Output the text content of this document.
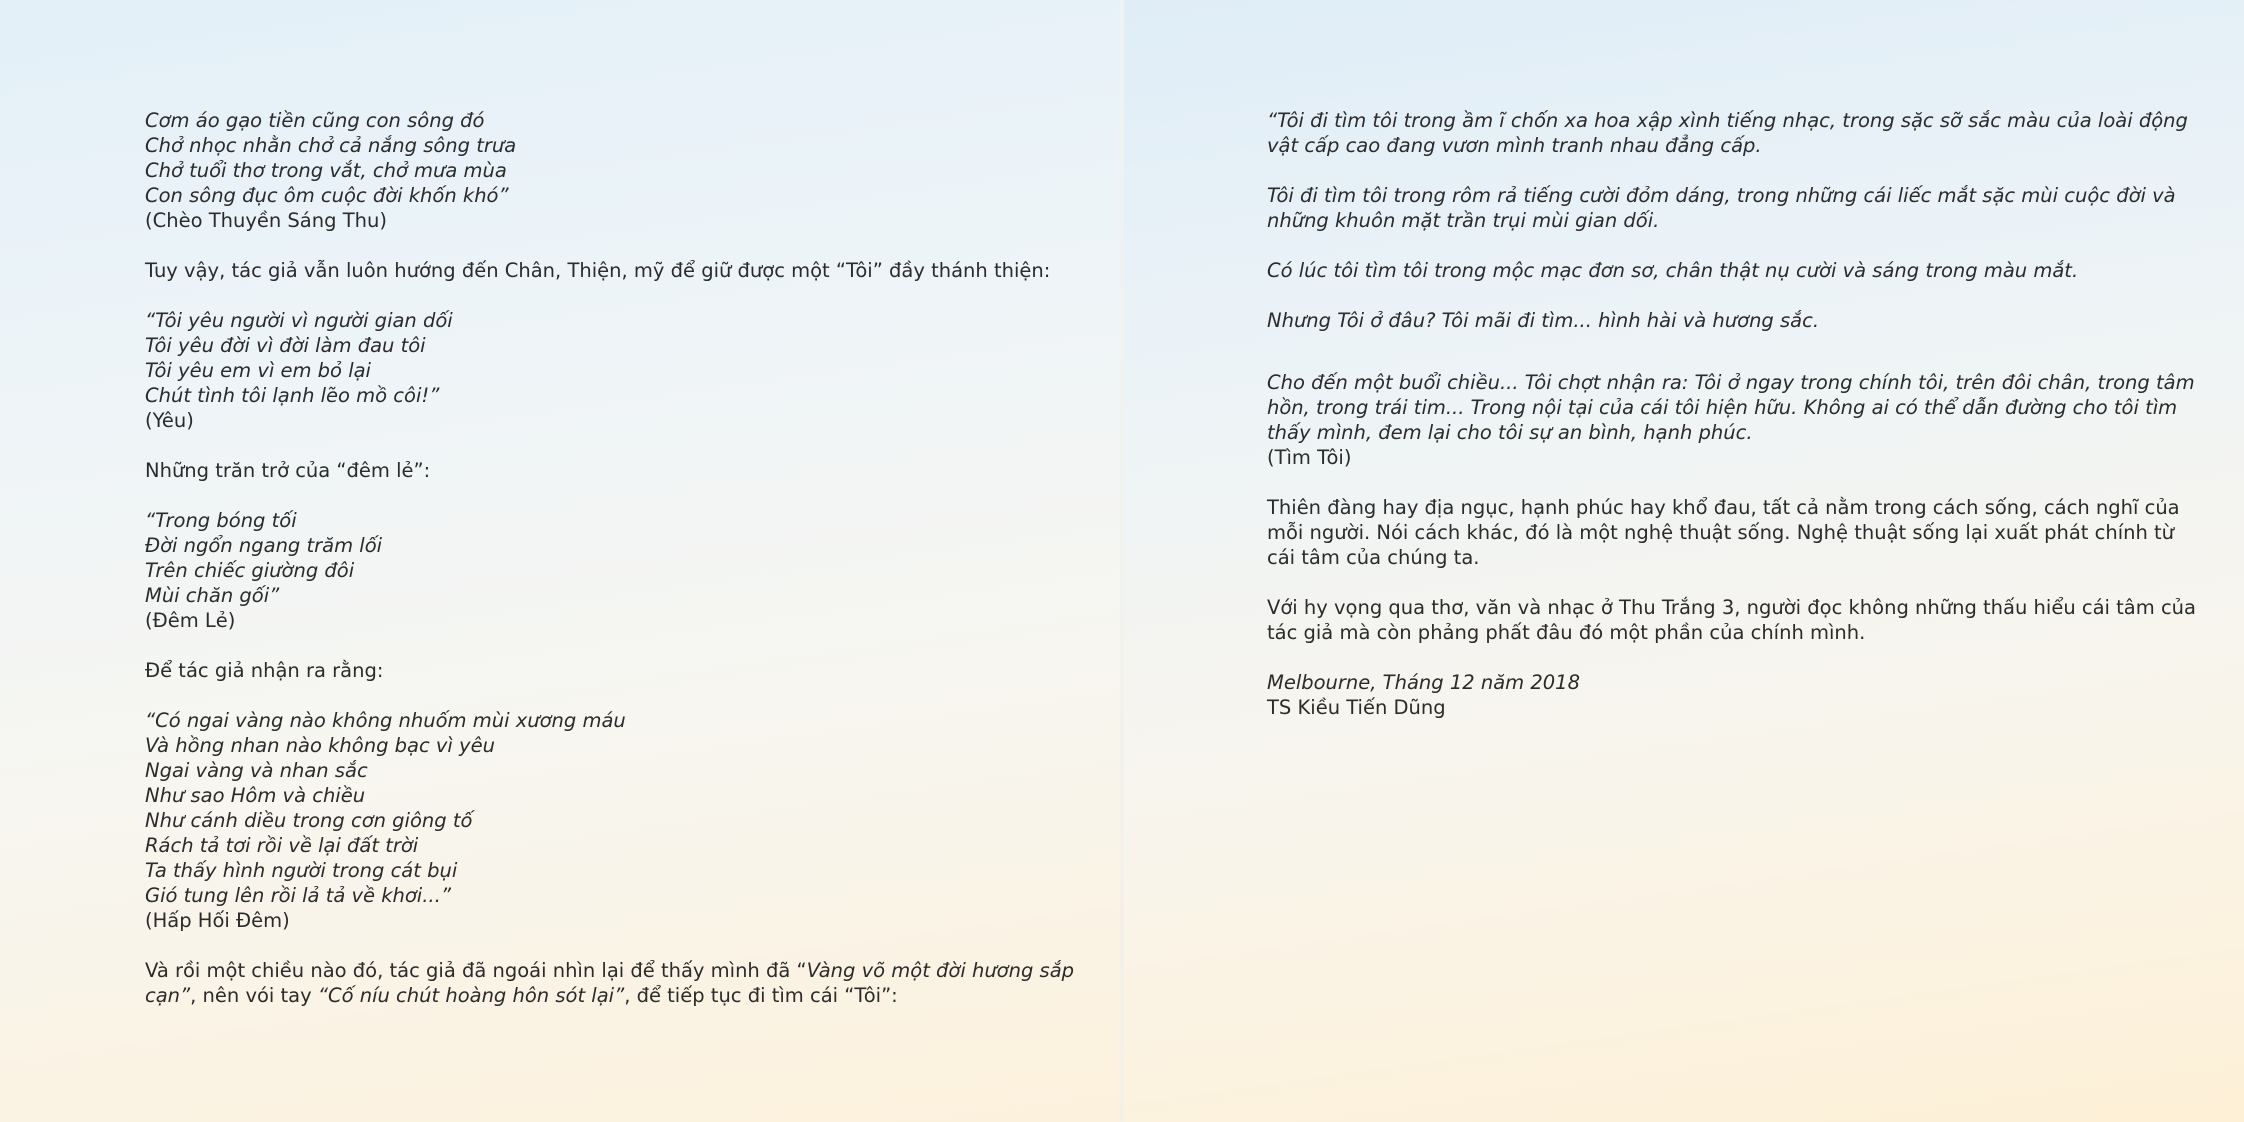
Cơm áo gạo tiền cũng con sông đó
Chở nhọc nhằn chở cả nắng sông trưa
Chở tuổi thơ trong vắt, chở mưa mùa
Con sông đục ôm cuộc đời khốn khó”
(Chèo Thuyền Sáng Thu)
Tuy vậy, tác giả vẫn luôn hướng đến Chân, Thiện, mỹ để giữ được một “Tôi” đầy thánh thiện:
“Tôi yêu người vì người gian dối
Tôi yêu đời vì đời làm đau tôi
Tôi yêu em vì em bỏ lại
Chút tình tôi lạnh lẽo mồ côi!”
(Yêu)
Những trăn trở của “đêm lẻ”:
“Trong bóng tối
Đời ngổn ngang trăm lối
Trên chiếc giường đôi
Mùi chăn gối”
(Đêm Lẻ)
Để tác giả nhận ra rằng:
“Có ngai vàng nào không nhuốm mùi xương máu
Và hồng nhan nào không bạc vì yêu
Ngai vàng và nhan sắc
Như sao Hôm và chiều
Như cánh diều trong cơn giông tố
Rách tả tơi rồi về lại đất trời
Ta thấy hình người trong cát bụi
Gió tung lên rồi lả tả về khơi...”
(Hấp Hối Đêm)
Và rồi một chiều nào đó, tác giả đã ngoái nhìn lại để thấy mình đã “Vàng võ một đời hương sắp
cạn”, nên vói tay “Cố níu chút hoàng hôn sót lại”, để tiếp tục đi tìm cái “Tôi”:
“Tôi đi tìm tôi trong ầm ĩ chốn xa hoa xập xình tiếng nhạc, trong sặc sỡ sắc màu của loài động
vật cấp cao đang vươn mình tranh nhau đẳng cấp.
Tôi đi tìm tôi trong rôm rả tiếng cười đỏm dáng, trong những cái liếc mắt sặc mùi cuộc đời và
những khuôn mặt trần trụi mùi gian dối.
Có lúc tôi tìm tôi trong mộc mạc đơn sơ, chân thật nụ cười và sáng trong màu mắt.
Nhưng Tôi ở đâu? Tôi mãi đi tìm... hình hài và hương sắc.
Cho đến một buổi chiều... Tôi chợt nhận ra: Tôi ở ngay trong chính tôi, trên đôi chân, trong tâm
hồn, trong trái tim... Trong nội tại của cái tôi hiện hữu. Không ai có thể dẫn đường cho tôi tìm
thấy mình, đem lại cho tôi sự an bình, hạnh phúc.
(Tìm Tôi)
Thiên đàng hay địa ngục, hạnh phúc hay khổ đau, tất cả nằm trong cách sống, cách nghĩ của
mỗi người. Nói cách khác, đó là một nghệ thuật sống. Nghệ thuật sống lại xuất phát chính từ
cái tâm của chúng ta.
Với hy vọng qua thơ, văn và nhạc ở Thu Trắng 3, người đọc không những thấu hiểu cái tâm của
tác giả mà còn phảng phất đâu đó một phần của chính mình.
Melbourne, Tháng 12 năm 2018
TS Kiều Tiến Dũng
